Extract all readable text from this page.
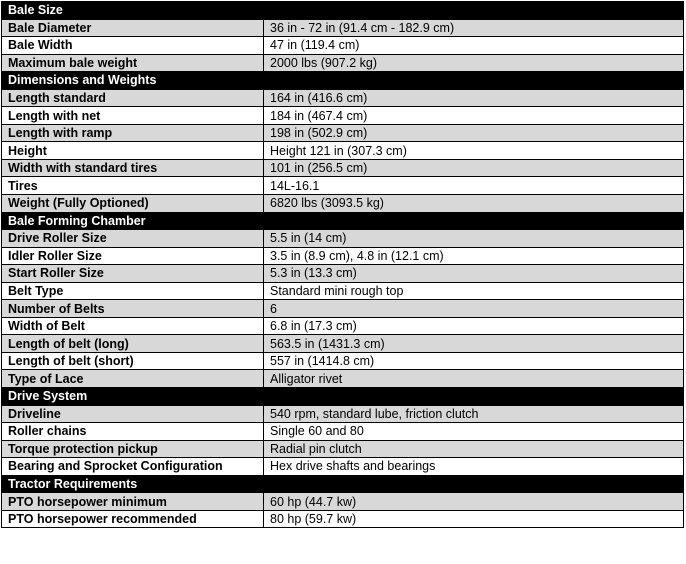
Bale Size	
Bale Diameter	36 in - 72 in (91.4 cm - 182.9 cm)
Bale Width	47 in (119.4 cm)
Maximum bale weight	2000 lbs (907.2 kg)
Dimensions and Weights	
Length standard	164 in (416.6 cm)
Length with net	184 in (467.4 cm)
Length with ramp	198 in (502.9 cm)
Height	Height 121 in (307.3 cm)
Width with standard tires	101 in (256.5 cm)
Tires	14L-16.1
Weight (Fully Optioned)	6820 lbs (3093.5 kg)
Bale Forming Chamber	
Drive Roller Size	5.5 in (14 cm)
Idler Roller Size	3.5 in (8.9 cm), 4.8 in (12.1 cm)
Start Roller Size	5.3 in (13.3 cm)
Belt Type	Standard mini rough top
Number of Belts	6
Width of Belt	6.8 in (17.3 cm)
Length of belt (long)	563.5 in (1431.3 cm)
Length of belt (short)	557 in (1414.8 cm)
Type of Lace	Alligator rivet
Drive System	
Driveline	540 rpm, standard lube, friction clutch
Roller chains	Single 60 and 80
Torque protection pickup	Radial pin clutch
Bearing and Sprocket Configuration	Hex drive shafts and bearings
Tractor Requirements	
PTO horsepower minimum	60 hp (44.7 kw)
PTO horsepower recommended	80 hp (59.7 kw)
